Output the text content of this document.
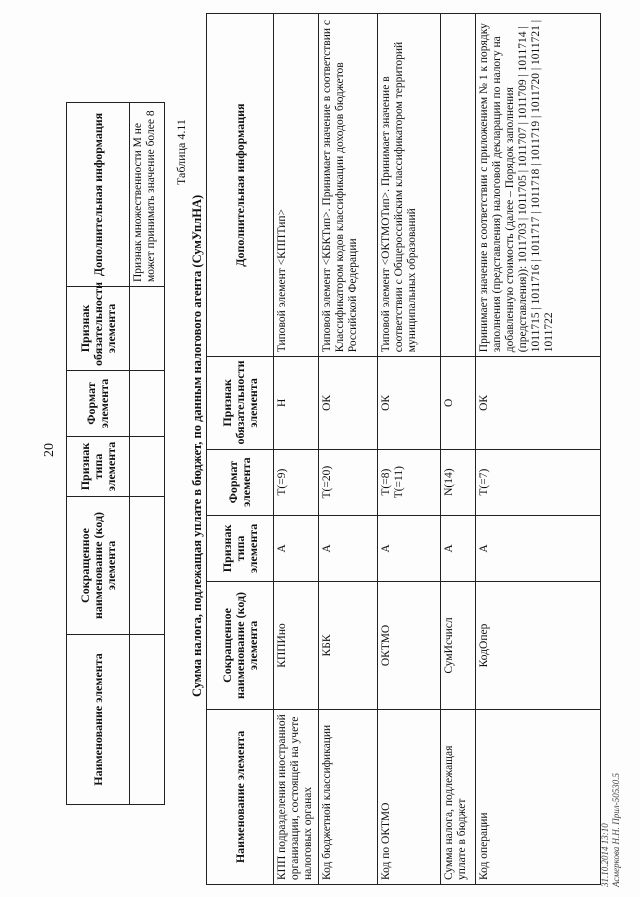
20
Наименование элемента	Сокращенное наименование (код) элемента	Признак типа элемента	Формат элемента	Признак обязательности элемента	Дополнительная информация
					Признак множественности М не может принимать значение более 8 Таблица 4.11
Сумма налога, подлежащая уплате в бюджет, по данным налогового агента (СумУплНА)
Наименование элемента	Сокращенное наименование (код) элемента	Признак типа элемента	Формат элемента	Признак обязательности элемента	Дополнительная информация
КПП подразделения иностранной организации, состоящей на учете налоговых органах	КППИно	А	T(=9)	Н	Типовой элемент <КППТип>
Код бюджетной классификации	КБК	А	T(=20)	ОК	Типовой элемент <КБКТип>. Принимает значение в соответствии с Классификатором кодов классификации доходов бюджетов Российской Федерации
Код по ОКТМО	ОКТМО	А	T(=8) T(=11)	ОК	Типовой элемент <ОКТМОТип>. Принимает значение в соответствии с Общероссийским классификатором территорий муниципальных образований
Сумма налога, подлежащая уплате в бюджет	СумИсчисл	А	N(14)	О	
Код операции	КодОпер	А	T(=7)	ОК	Принимает значение в соответствии с приложением № 1 к порядку заполнения (представления) налоговой декларации по налогу на добавленную стоимость (далее – Порядок заполнения (представления)): 1011703 | 1011705 | 1011707 | 1011709 | 1011714 | 1011715 | 1011716 | 1011717 | 1011718 | 1011719 | 1011720 | 1011721 | 1011722
31.10.2014 13:10 Асмеркова Н.Н. Прил-50530.5
